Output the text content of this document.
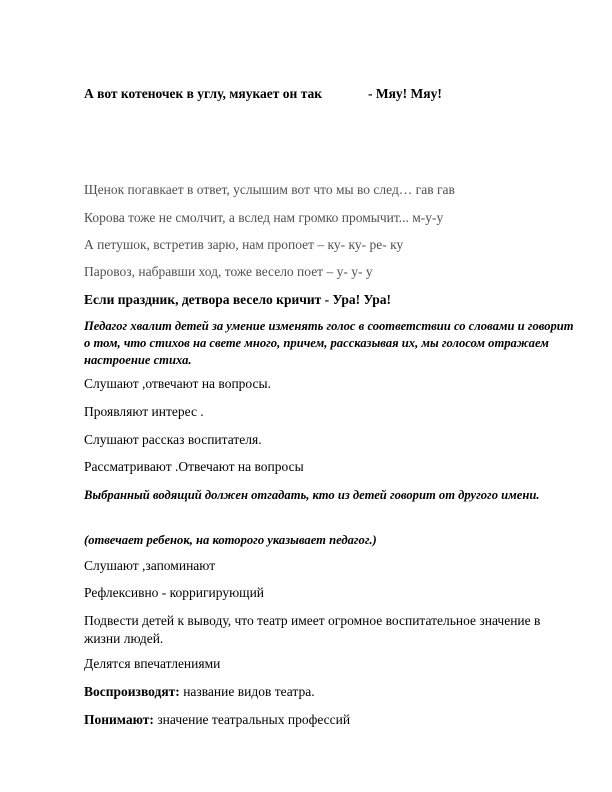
А вот котеночек в углу, мяукает он так	- Мяу! Мяу!
Щенок погавкает в ответ, услышим вот что мы во след… гав гав
Корова тоже не смолчит, а вслед нам громко промычит... м-у-у
А петушок, встретив зарю, нам пропоет – ку- ку- ре- ку
Паровоз, набравши ход, тоже весело поет – у- у- у
Если праздник, детвора весело кричит - Ура! Ура!
Педагог хвалит детей за умение изменять голос в соответствии со словами и говорит о том, что стихов на свете много, причем, рассказывая их, мы голосом отражаем настроение стиха.
Слушают ,отвечают на вопросы.
Проявляют интерес .
Слушают рассказ воспитателя.
Рассматривают .Отвечают на вопросы
Выбранный водящий должен отгадать, кто из детей говорит от другого имени.
(отвечает ребенок, на которого указывает педагог.)
Слушают ,запоминают
Рефлексивно - корригирующий
Подвести детей к выводу, что театр имеет огромное воспитательное значение в жизни людей.
Делятся впечатлениями
Воспроизводят: название видов театра.
Понимают: значение театральных профессий
